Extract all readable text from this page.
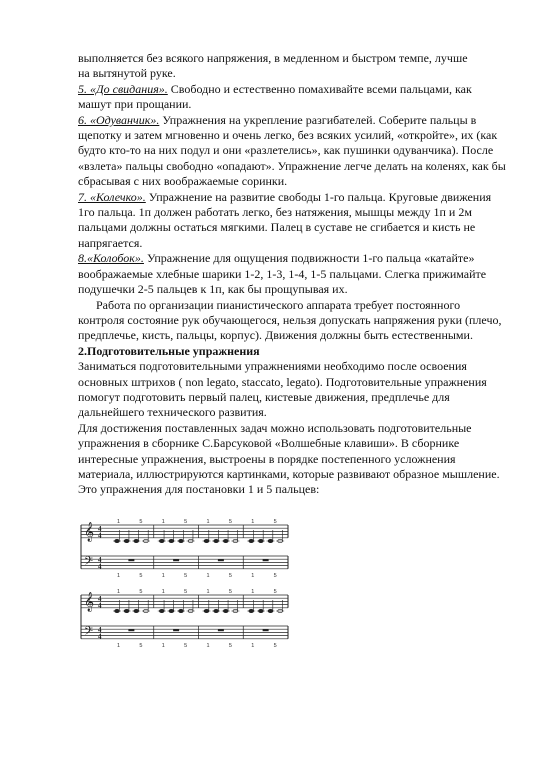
выполняется без всякого напряжения, в медленном и быстром темпе, лучше

на вытянутой руке.

5. «До свидания». Свободно и естественно помахивайте всеми пальцами, как машут при прощании.

6. «Одуванчик». Упражнения на укрепление разгибателей. Соберите пальцы в щепотку и затем мгновенно и очень легко, без всяких усилий, «откройте», их (как будто кто-то на них подул и они «разлетелись», как пушинки одуванчика). После «взлета» пальцы свободно «опадают». Упражнение легче делать на коленях, как бы сбрасывая с них воображаемые соринки.

7. «Колечко». Упражнение на развитие свободы 1-го пальца. Круговые движения 1го пальца. 1п должен работать легко, без натяжения, мышцы между 1п и 2м пальцами должны остаться мягкими. Палец в суставе не сгибается и кисть не напрягается.

8.«Колобок». Упражнение для ощущения подвижности 1-го пальца «катайте» воображаемые хлебные шарики 1-2, 1-3, 1-4, 1-5 пальцами. Слегка прижимайте подушечки 2-5 пальцев к 1п, как бы прощупывая их.

Работа по организации пианистического аппарата требует постоянного контроля состояние рук обучающегося, нельзя допускать напряжения руки (плечо, предплечье, кисть, пальцы, корпус). Движения должны быть естественными.

2.Подготовительные упражнения

Заниматься подготовительными упражнениями необходимо после освоения основных штрихов ( non legato, staccato, legato). Подготовительные упражнения помогут подготовить первый палец, кистевые движения, предплечье для дальнейшего технического развития.

Для достижения поставленных задач можно использовать подготовительные упражнения в сборнике С.Барсуковой «Волшебные клавиши». В сборнике интересные упражнения, выстроены в порядке постепенного усложнения материала, иллюстрируются картинками, которые развивают образное мышление.

Это упражнения для постановки 1 и 5 пальцев:

𝄞
𝄢
4
4
4
4
1	5	1	5	1	5	1	5
1	5	1	5	1	5	1	5
𝄞
𝄢
4
4
4
4
1	5	1	5	1	5	1	5
1	5	1	5	1	5	1	5
